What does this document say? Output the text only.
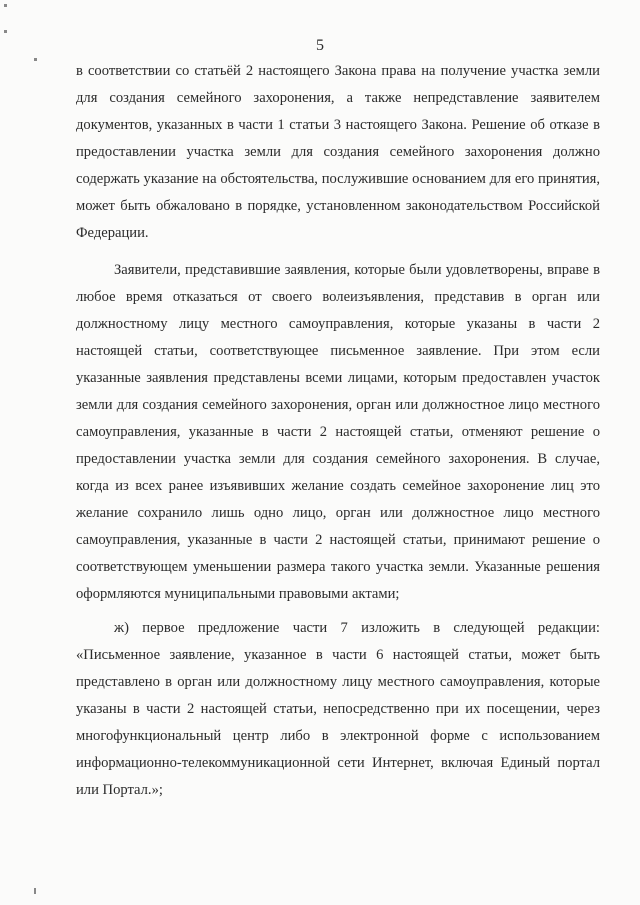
5

в соответствии со статьёй 2 настоящего Закона права на получение участка земли для создания семейного захоронения, а также непредставление заявителем документов, указанных в части 1 статьи 3 настоящего Закона. Решение об отказе в предоставлении участка земли для создания семейного захоронения должно содержать указание на обстоятельства, послужившие основанием для его принятия, может быть обжаловано в порядке, установленном законодательством Российской Федерации.

Заявители, представившие заявления, которые были удовлетворены, вправе в любое время отказаться от своего волеизъявления, представив в орган или должностному лицу местного самоуправления, которые указаны в части 2 настоящей статьи, соответствующее письменное заявление. При этом если указанные заявления представлены всеми лицами, которым предоставлен участок земли для создания семейного захоронения, орган или должностное лицо местного самоуправления, указанные в части 2 настоящей статьи, отменяют решение о предоставлении участка земли для создания семейного захоронения. В случае, когда из всех ранее изъявивших желание создать семейное захоронение лиц это желание сохранило лишь одно лицо, орган или должностное лицо местного самоуправления, указанные в части 2 настоящей статьи, принимают решение о соответствующем уменьшении размера такого участка земли. Указанные решения оформляются муниципальными правовыми актами;

ж) первое предложение части 7 изложить в следующей редакции: «Письменное заявление, указанное в части 6 настоящей статьи, может быть представлено в орган или должностному лицу местного самоуправления, которые указаны в части 2 настоящей статьи, непосредственно при их посещении, через многофункциональный центр либо в электронной форме с использованием информационно-телекоммуникационной сети Интернет, включая Единый портал или Портал.»;
